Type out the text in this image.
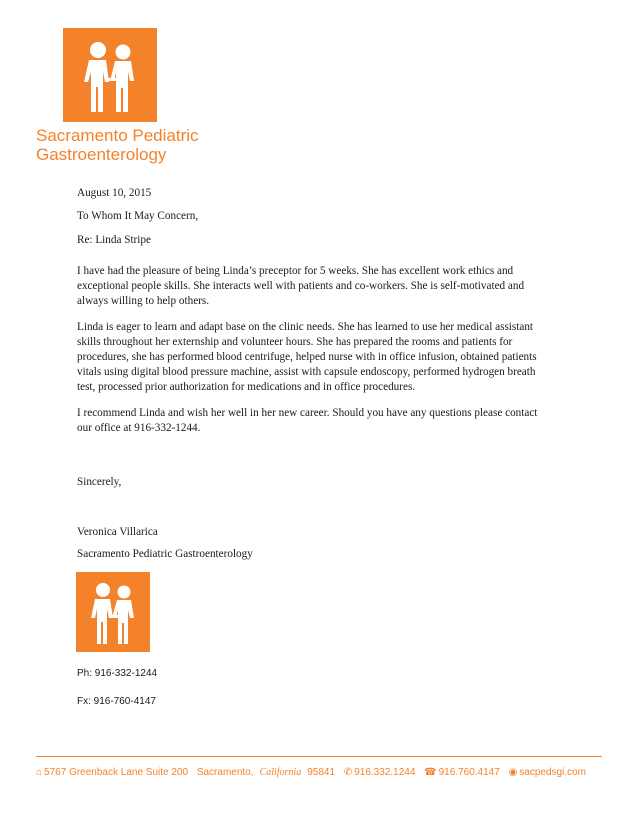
Sacramento Pediatric
Gastroenterology

August 10, 2015

To Whom It May Concern,

Re: Linda Stripe

I have had the pleasure of being Linda’s preceptor for 5 weeks. She has excellent work ethics and exceptional people skills. She interacts well with patients and co-workers. She is self-motivated and always willing to help others.

Linda is eager to learn and adapt base on the clinic needs. She has learned to use her medical assistant skills throughout her externship and volunteer hours. She has prepared the rooms and patients for procedures, she has performed blood centrifuge, helped nurse with in office infusion, obtained patients vitals using digital blood pressure machine, assist with capsule endoscopy, performed hydrogen breath test, processed prior authorization for medications and in office procedures.

I recommend Linda and wish her well in her new career. Should you have any questions please contact our office at 916-332-1244.

Sincerely,

Veronica Villarica

Sacramento Pediatric Gastroenterology

Ph: 916-332-1244
Fx: 916-760-4147
⌂ 5767 Greenback Lane Suite 200 Sacramento, California 95841 ✆ 916.332.1244 ☎ 916.760.4147 ◉ sacpedsgi.com
